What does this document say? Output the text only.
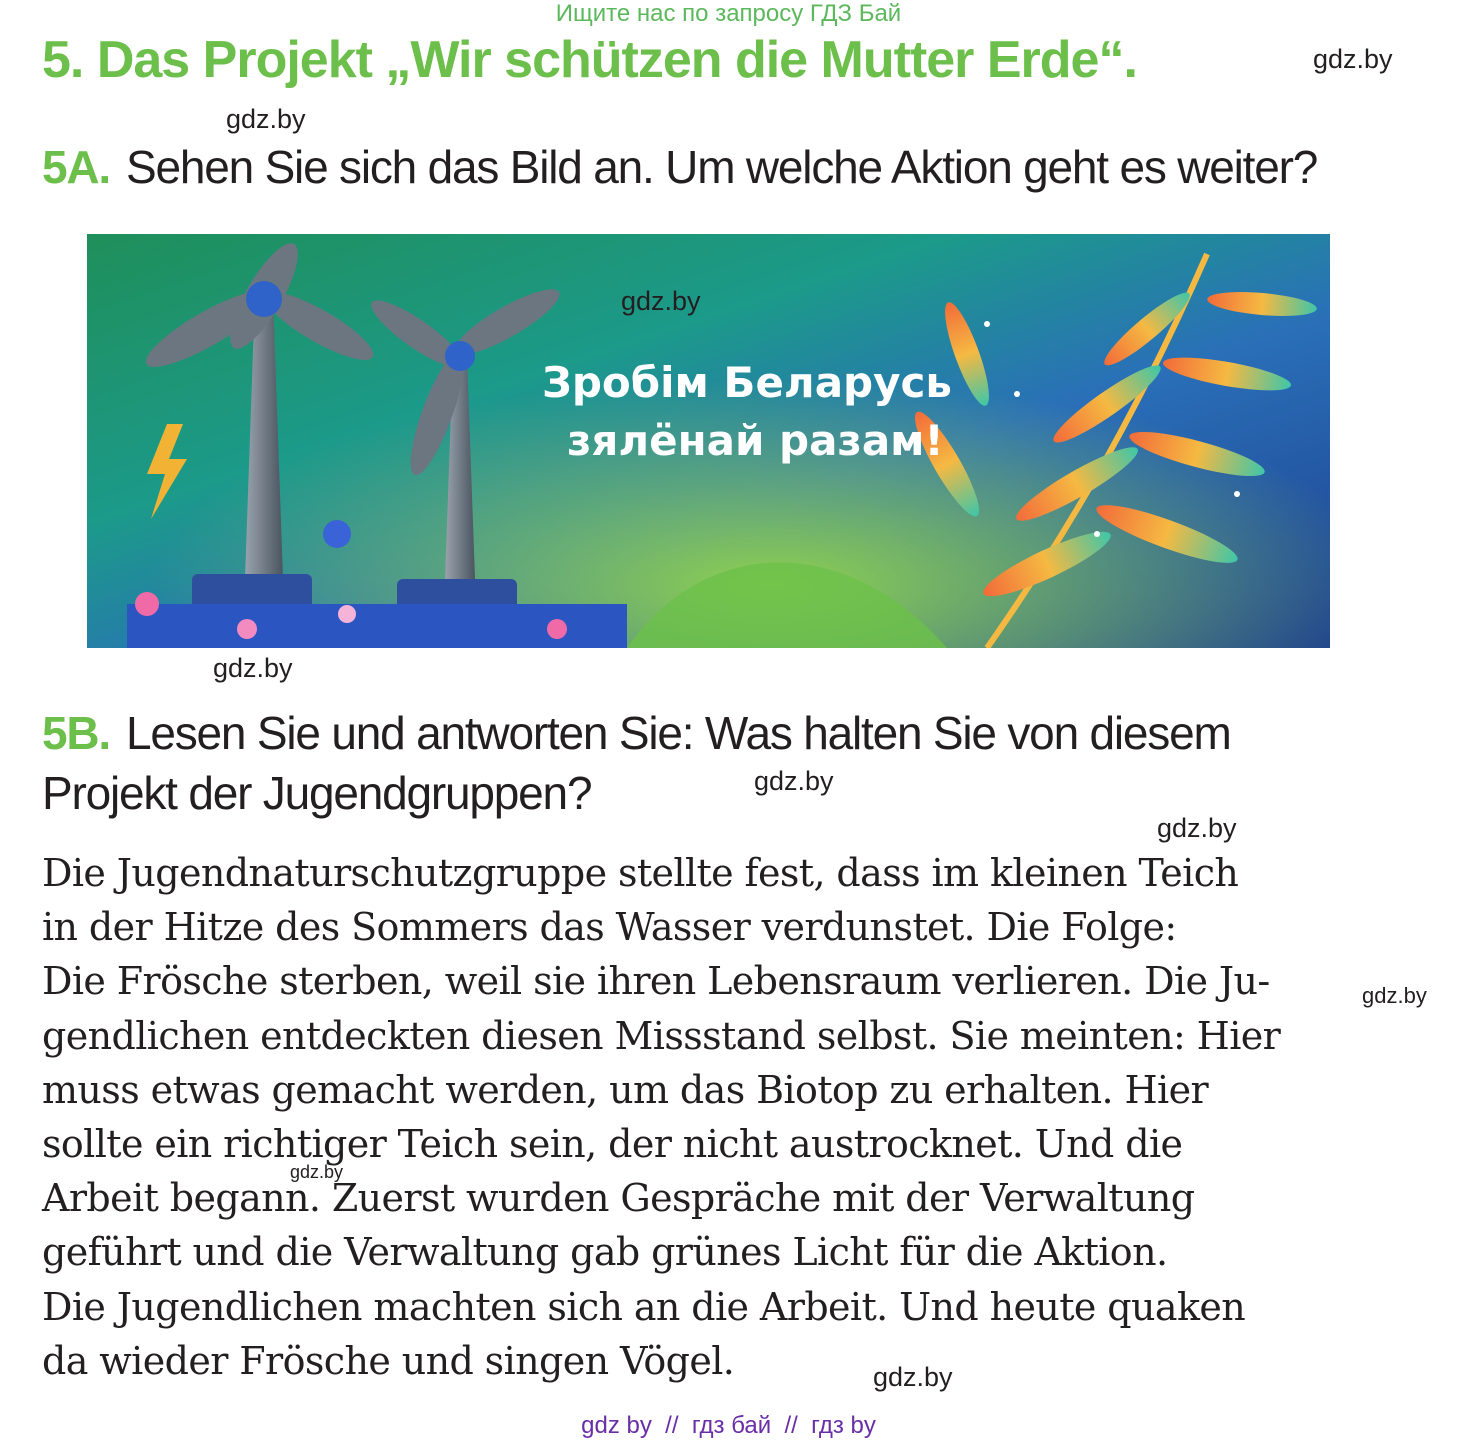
Ищите нас по запросу ГДЗ Бай
5. Das Projekt „Wir schützen die Mutter Erde“.	gdz.by
gdz.by
5A. Sehen Sie sich das Bild an. Um welche Aktion geht es weiter?
Зробім Беларусь
зялёнай разам!
gdz.by
gdz.by
5B. Lesen Sie und antworten Sie: Was halten Sie von diesem
Projekt der Jugendgruppen?	gdz.by
gdz.by
Die Jugendnaturschutzgruppe stellte fest, dass im kleinen Teich
in der Hitze des Sommers das Wasser verdunstet. Die Folge:
Die Frösche sterben, weil sie ihren Lebensraum verlieren. Die Ju-
gendlichen entdeckten diesen Missstand selbst. Sie meinten: Hier
muss etwas gemacht werden, um das Biotop zu erhalten. Hier
sollte ein richtiger Teich sein, der nicht austrocknet. Und die
Arbeit begann. Zuerst wurden Gespräche mit der Verwaltung
geführt und die Verwaltung gab grünes Licht für die Aktion.
Die Jugendlichen machten sich an die Arbeit. Und heute quaken
da wieder Frösche und singen Vögel.
gdz.by
gdz.by
gdz.by
gdz by  //  гдз бай  //  гдз by
